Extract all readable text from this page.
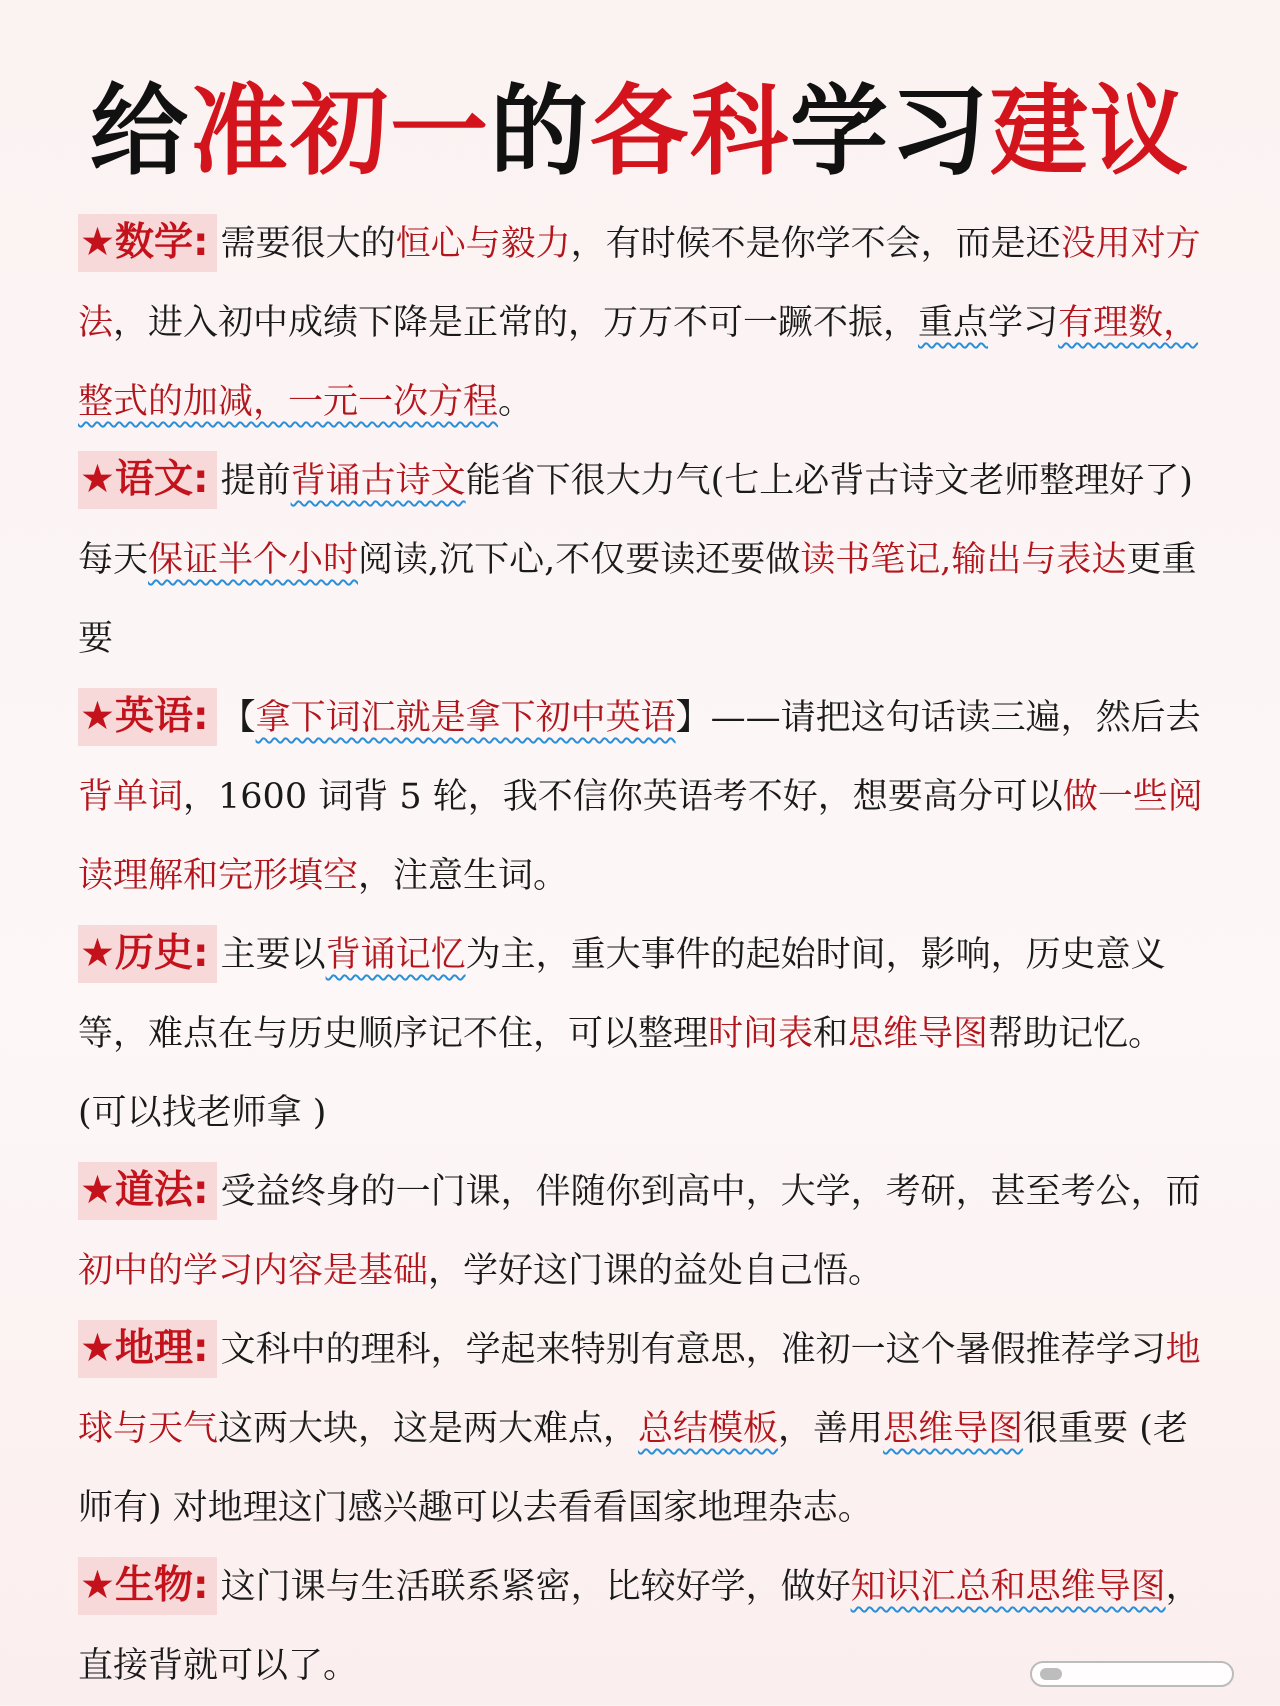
给准初一的各科学习建议
★数学: 需要很大的恒心与毅力，有时候不是你学不会，而是还没用对方法，进入初中成绩下降是正常的，万万不可一蹶不振，重点学习有理数，整式的加减，一元一次方程。
★语文: 提前背诵古诗文能省下很大力气(七上必背古诗文老师整理好了) 每天保证半个小时阅读,沉下心,不仅要读还要做读书笔记,输出与表达更重要
★英语: 【拿下词汇就是拿下初中英语】——请把这句话读三遍，然后去背单词，1600 词背 5 轮，我不信你英语考不好，想要高分可以做一些阅读理解和完形填空，注意生词。
★历史: 主要以背诵记忆为主，重大事件的起始时间，影响，历史意义等，难点在与历史顺序记不住，可以整理时间表和思维导图帮助记忆。(可以找老师拿 )
★道法: 受益终身的一门课，伴随你到高中，大学，考研，甚至考公，而初中的学习内容是基础，学好这门课的益处自己悟。
★地理: 文科中的理科，学起来特别有意思，准初一这个暑假推荐学习地球与天气这两大块，这是两大难点，总结模板，善用思维导图很重要 (老师有) 对地理这门感兴趣可以去看看国家地理杂志。
★生物: 这门课与生活联系紧密，比较好学，做好知识汇总和思维导图，直接背就可以了。
